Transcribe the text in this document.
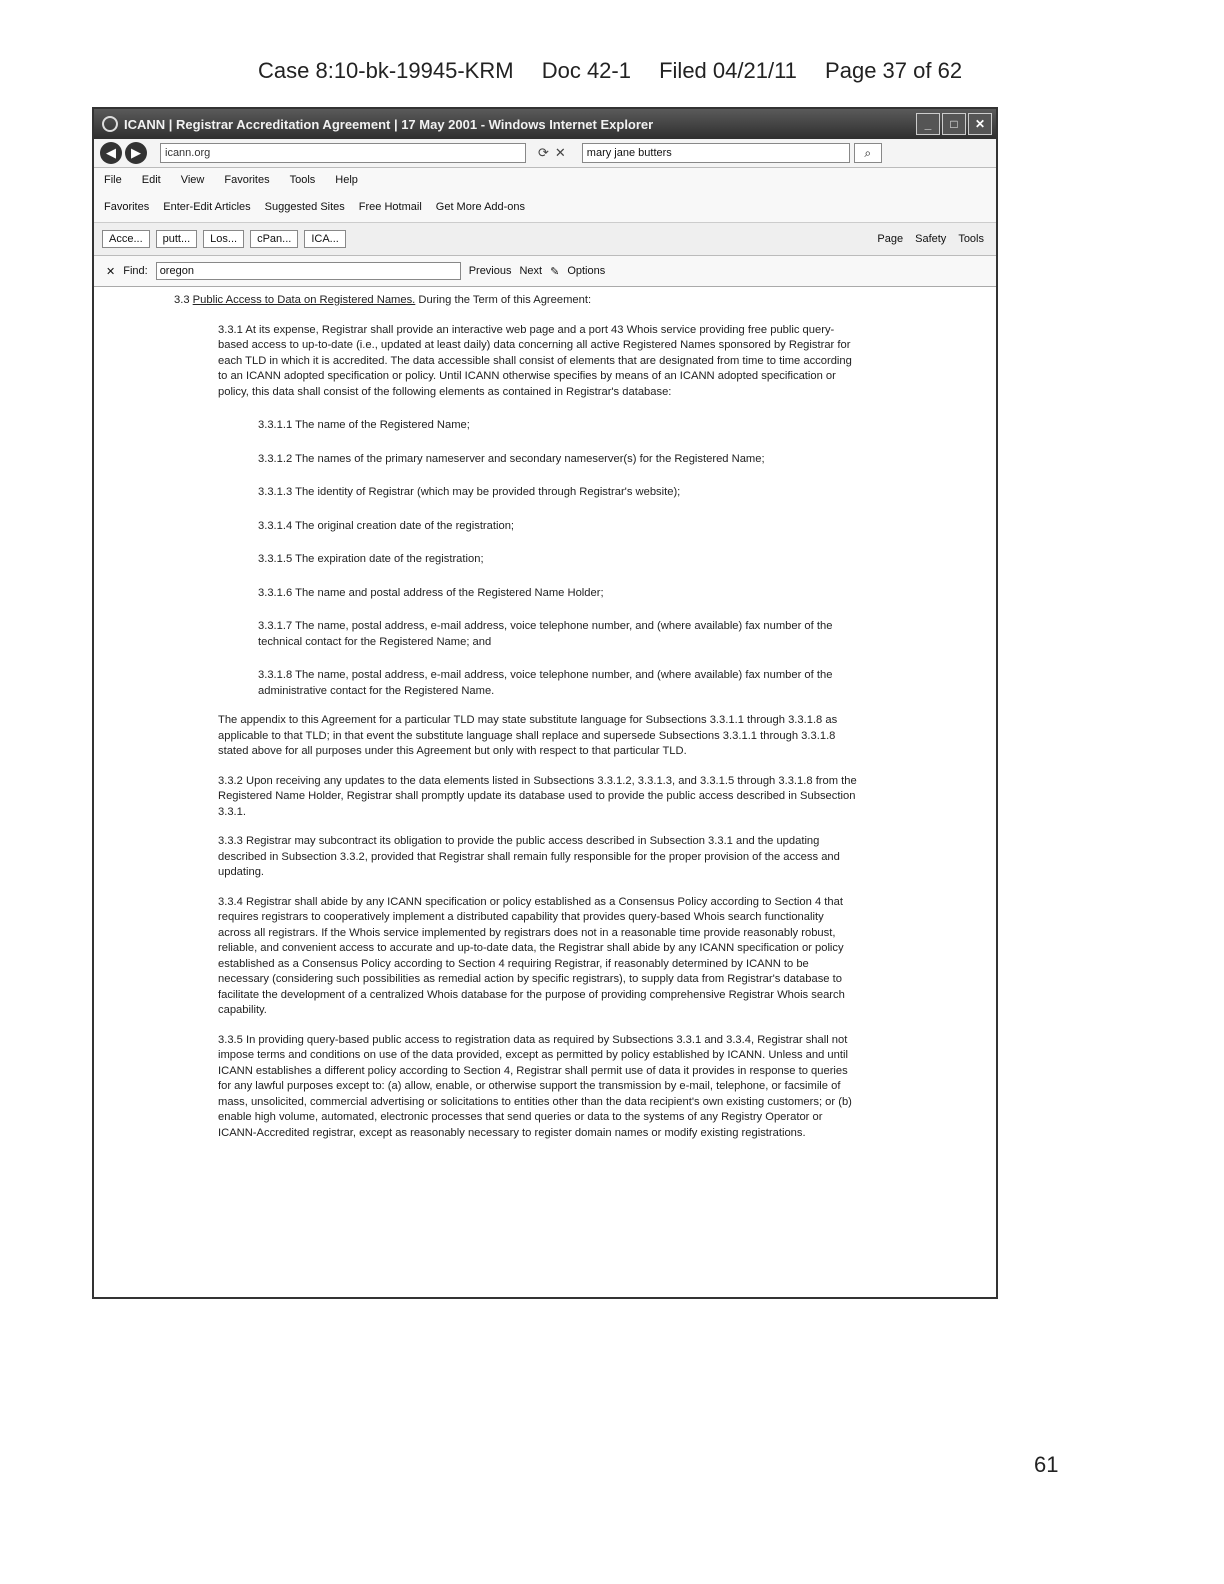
Case 8:10-bk-19945-KRM Doc 42-1 Filed 04/21/11 Page 37 of 62
ICANN | Registrar Accreditation Agreement | 17 May 2001 - Windows Internet Explorer	_	□	✕
◀	▶	icann.org	⟳✕	mary jane butters	⌕
File Edit View Favorites Tools Help
Favorites Enter-Edit Articles Suggested Sites Free Hotmail Get More Add-ons
Acce...	putt...	Los...	cPan...	ICA...	Page Safety Tools
✕ Find:	oregon	Previous Next ✎ Options
3.3 Public Access to Data on Registered Names. During the Term of this Agreement:
3.3.1 At its expense, Registrar shall provide an interactive web page and a port 43 Whois service providing free public query-based access to up-to-date (i.e., updated at least daily) data concerning all active Registered Names sponsored by Registrar for each TLD in which it is accredited. The data accessible shall consist of elements that are designated from time to time according to an ICANN adopted specification or policy. Until ICANN otherwise specifies by means of an ICANN adopted specification or policy, this data shall consist of the following elements as contained in Registrar's database:
3.3.1.1 The name of the Registered Name;
3.3.1.2 The names of the primary nameserver and secondary nameserver(s) for the Registered Name;
3.3.1.3 The identity of Registrar (which may be provided through Registrar's website);
3.3.1.4 The original creation date of the registration;
3.3.1.5 The expiration date of the registration;
3.3.1.6 The name and postal address of the Registered Name Holder;
3.3.1.7 The name, postal address, e-mail address, voice telephone number, and (where available) fax number of the technical contact for the Registered Name; and
3.3.1.8 The name, postal address, e-mail address, voice telephone number, and (where available) fax number of the administrative contact for the Registered Name.
The appendix to this Agreement for a particular TLD may state substitute language for Subsections 3.3.1.1 through 3.3.1.8 as applicable to that TLD; in that event the substitute language shall replace and supersede Subsections 3.3.1.1 through 3.3.1.8 stated above for all purposes under this Agreement but only with respect to that particular TLD.
3.3.2 Upon receiving any updates to the data elements listed in Subsections 3.3.1.2, 3.3.1.3, and 3.3.1.5 through 3.3.1.8 from the Registered Name Holder, Registrar shall promptly update its database used to provide the public access described in Subsection 3.3.1.
3.3.3 Registrar may subcontract its obligation to provide the public access described in Subsection 3.3.1 and the updating described in Subsection 3.3.2, provided that Registrar shall remain fully responsible for the proper provision of the access and updating.
3.3.4 Registrar shall abide by any ICANN specification or policy established as a Consensus Policy according to Section 4 that requires registrars to cooperatively implement a distributed capability that provides query-based Whois search functionality across all registrars. If the Whois service implemented by registrars does not in a reasonable time provide reasonably robust, reliable, and convenient access to accurate and up-to-date data, the Registrar shall abide by any ICANN specification or policy established as a Consensus Policy according to Section 4 requiring Registrar, if reasonably determined by ICANN to be necessary (considering such possibilities as remedial action by specific registrars), to supply data from Registrar's database to facilitate the development of a centralized Whois database for the purpose of providing comprehensive Registrar Whois search capability.
3.3.5 In providing query-based public access to registration data as required by Subsections 3.3.1 and 3.3.4, Registrar shall not impose terms and conditions on use of the data provided, except as permitted by policy established by ICANN. Unless and until ICANN establishes a different policy according to Section 4, Registrar shall permit use of data it provides in response to queries for any lawful purposes except to: (a) allow, enable, or otherwise support the transmission by e-mail, telephone, or facsimile of mass, unsolicited, commercial advertising or solicitations to entities other than the data recipient's own existing customers; or (b) enable high volume, automated, electronic processes that send queries or data to the systems of any Registry Operator or ICANN-Accredited registrar, except as reasonably necessary to register domain names or modify existing registrations.
61
